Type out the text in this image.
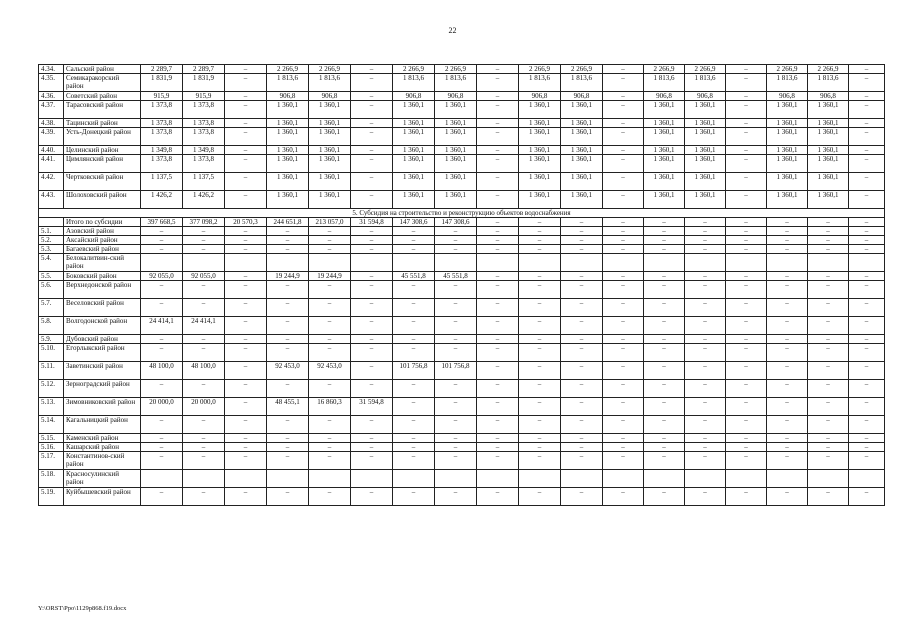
22
4.34.	Сальский район	2 289,7	2 289,7	–	2 266,9	2 266,9	–	2 266,9	2 266,9	–	2 266,9	2 266,9	–	2 266,9	2 266,9	–	2 266,9	2 266,9	–
4.35.	Семикаракорский район	1 831,9	1 831,9	–	1 813,6	1 813,6	–	1 813,6	1 813,6	–	1 813,6	1 813,6	–	1 813,6	1 813,6	–	1 813,6	1 813,6	–
4.36.	Советский район	915,9	915,9	–	906,8	906,8	–	906,8	906,8	–	906,8	906,8	–	906,8	906,8	–	906,8	906,8	–
4.37.	Тарасовский район	1 373,8	1 373,8	–	1 360,1	1 360,1	–	1 360,1	1 360,1	–	1 360,1	1 360,1	–	1 360,1	1 360,1	–	1 360,1	1 360,1	–
4.38.	Тацинский район	1 373,8	1 373,8	–	1 360,1	1 360,1	–	1 360,1	1 360,1	–	1 360,1	1 360,1	–	1 360,1	1 360,1	–	1 360,1	1 360,1	–
4.39.	Усть-Донецкий район	1 373,8	1 373,8	–	1 360,1	1 360,1	–	1 360,1	1 360,1	–	1 360,1	1 360,1	–	1 360,1	1 360,1	–	1 360,1	1 360,1	–
4.40.	Целинский район	1 349,8	1 349,8	–	1 360,1	1 360,1	–	1 360,1	1 360,1	–	1 360,1	1 360,1	–	1 360,1	1 360,1	–	1 360,1	1 360,1	–
4.41.	Цимлянский район	1 373,8	1 373,8	–	1 360,1	1 360,1	–	1 360,1	1 360,1	–	1 360,1	1 360,1	–	1 360,1	1 360,1	–	1 360,1	1 360,1	–
4.42.	Чертковский район	1 137,5	1 137,5	–	1 360,1	1 360,1	–	1 360,1	1 360,1	–	1 360,1	1 360,1	–	1 360,1	1 360,1	–	1 360,1	1 360,1	–
4.43.	Шолоховский район	1 426,2	1 426,2	–	1 360,1	1 360,1	–	1 360,1	1 360,1	–	1 360,1	1 360,1	–	1 360,1	1 360,1	–	1 360,1	1 360,1	–
5. Субсидия на строительство и реконструкцию объектов водоснабжения																			
	Итого по субсидии	397 668,5	377 098,2	20 570,3	244 651,8	213 057,0	31 594,8	147 308,6	147 308,6	–	–	–	–	–	–	–	–	–	–
5.1.	Азовский район	–	–	–	–	–	–	–	–	–	–	–	–	–	–	–	–	–	–
5.2.	Аксайский район	–	–	–	–	–	–	–	–	–	–	–	–	–	–	–	–	–	–
5.3.	Багаевский район	–	–	–	–	–	–	–	–	–	–	–	–	–	–	–	–	–	–
5.4.	Белокалитвин-ский район																		
5.5.	Боковский район	92 055,0	92 055,0	–	19 244,9	19 244,9	–	45 551,8	45 551,8	–	–	–	–	–	–	–	–	–	–
5.6.	Верхнедонской район	–	–	–	–	–	–	–	–	–	–	–	–	–	–	–	–	–	–
5.7.	Веселовский район	–	–	–	–	–	–	–	–	–	–	–	–	–	–	–	–	–	–
5.8.	Волгодонской район	24 414,1	24 414,1	–	–	–	–	–	–	–	–	–	–	–	–	–	–	–	–
5.9.	Дубовский район	–	–	–	–	–	–	–	–	–	–	–	–	–	–	–	–	–	–
5.10.	Егорлыкский район	–	–	–	–	–	–	–	–	–	–	–	–	–	–	–	–	–	–
5.11.	Заветинский район	48 100,0	48 100,0	–	92 453,0	92 453,0	–	101 756,8	101 756,8	–	–	–	–	–	–	–	–	–	–
5.12.	Зерноградский район	–	–	–	–	–	–	–	–	–	–	–	–	–	–	–	–	–	–
5.13.	Зимовниковский район	20 000,0	20 000,0	–	48 455,1	16 860,3	31 594,8	–	–	–	–	–	–	–	–	–	–	–	–
5.14.	Кагальницкий район	–	–	–	–	–	–	–	–	–	–	–	–	–	–	–	–	–	–
5.15.	Каменский район	–	–	–	–	–	–	–	–	–	–	–	–	–	–	–	–	–	–
5.16.	Кашарский район	–	–	–	–	–	–	–	–	–	–	–	–	–	–	–	–	–	–
5.17.	Константинов-ский район	–	–	–	–	–	–	–	–	–	–	–	–	–	–	–	–	–	–
5.18.	Красносулинский район																		
5.19.	Куйбышевский район	–	–	–	–	–	–	–	–	–	–	–	–	–	–	–	–	–	–
Y:\ORST\Ppo\1129p868.f19.docx
